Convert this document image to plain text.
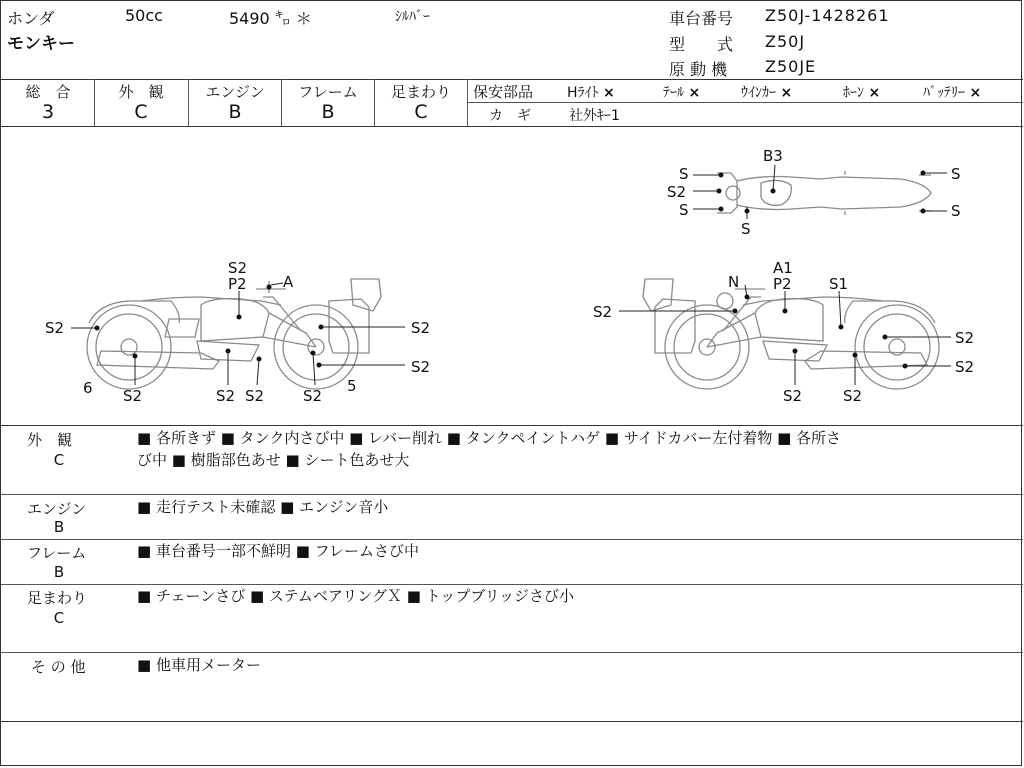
ホンダ	50cc	5490 ㌔ ＊	ｼﾙﾊﾞｰ
モンキー
車台番号 Z50J-1428261
型　　式 Z50J
原 動 機 Z50JE
総　合
3
外　観
C
エンジン
B
フレーム
B
足まわり
C
保安部品 Hﾗｲﾄ ×	ﾃｰﾙ ×	ｳｲﾝｶｰ ×	ﾎｰﾝ ×	ﾊﾞｯﾃﾘｰ ×
カ　ギ	社外ｷｰ1
S2
P2 A
S2	S2
S2
S2	S2 S2
6	5
S2
A1
N P2 S1
S2
S2
S2
S2	S2
B3
S
S2
S
S
S
S
外　観
C
■ 各所きず ■ タンク内さび中 ■ レバー削れ ■ タンクペイントハゲ ■ サイドカバー左付着物 ■ 各所さ
び中 ■ 樹脂部色あせ ■ シート色あせ大
エンジン
B
■ 走行テスト未確認 ■ エンジン音小
フレーム
B
■ 車台番号一部不鮮明 ■ フレームさび中
足まわり
C
■ チェーンさび ■ ステムベアリングＸ ■ トップブリッジさび小
そ の 他	■ 他車用メーター
